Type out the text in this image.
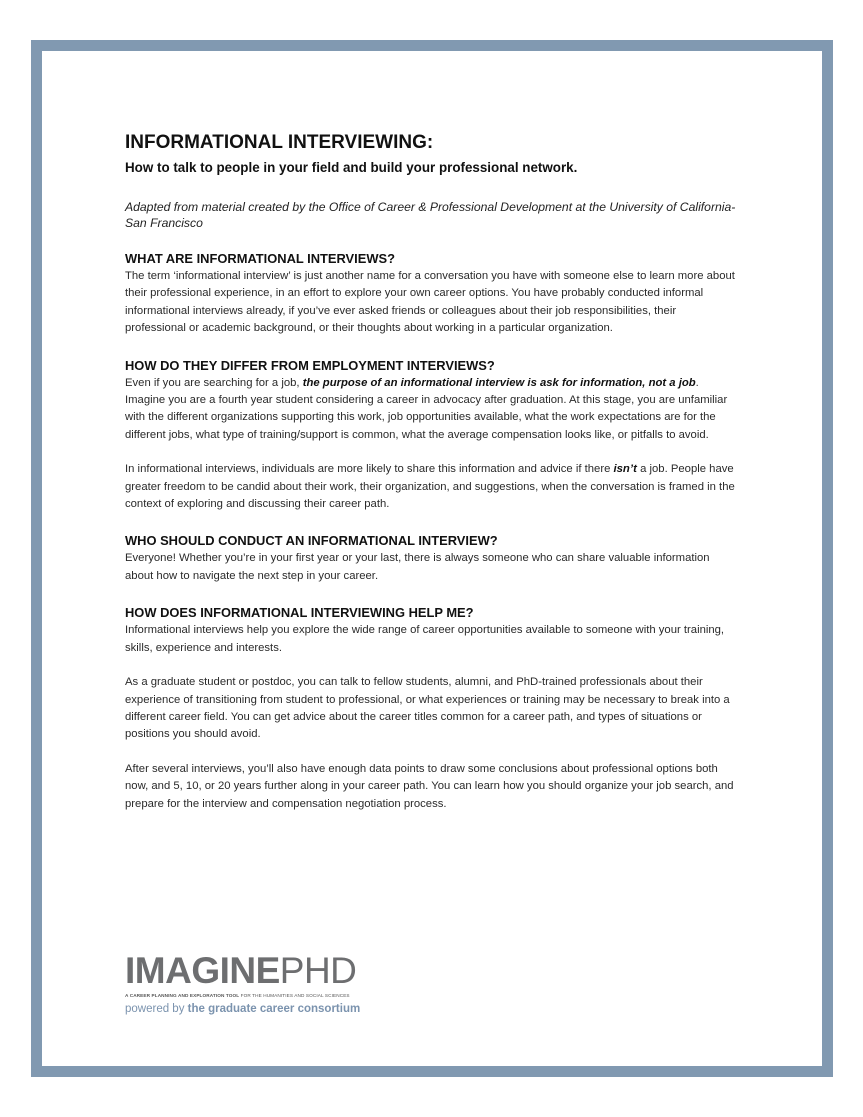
INFORMATIONAL INTERVIEWING:

How to talk to people in your field and build your professional network.

Adapted from material created by the Office of Career & Professional Development at the University of California-San Francisco

WHAT ARE INFORMATIONAL INTERVIEWS?

The term ‘informational interview’ is just another name for a conversation you have with someone else to learn more about their professional experience, in an effort to explore your own career options. You have probably conducted informal informational interviews already, if you’ve ever asked friends or colleagues about their job responsibilities, their professional or academic background, or their thoughts about working in a particular organization.

HOW DO THEY DIFFER FROM EMPLOYMENT INTERVIEWS?

Even if you are searching for a job, the purpose of an informational interview is ask for information, not a job. Imagine you are a fourth year student considering a career in advocacy after graduation. At this stage, you are unfamiliar with the different organizations supporting this work, job opportunities available, what the work expectations are for the different jobs, what type of training/support is common, what the average compensation looks like, or pitfalls to avoid.

In informational interviews, individuals are more likely to share this information and advice if there isn’t a job. People have greater freedom to be candid about their work, their organization, and suggestions, when the conversation is framed in the context of exploring and discussing their career path.

WHO SHOULD CONDUCT AN INFORMATIONAL INTERVIEW?

Everyone! Whether you’re in your first year or your last, there is always someone who can share valuable information about how to navigate the next step in your career.

HOW DOES INFORMATIONAL INTERVIEWING HELP ME?

Informational interviews help you explore the wide range of career opportunities available to someone with your training, skills, experience and interests.

As a graduate student or postdoc, you can talk to fellow students, alumni, and PhD-trained professionals about their experience of transitioning from student to professional, or what experiences or training may be necessary to break into a different career field. You can get advice about the career titles common for a career path, and types of situations or positions you should avoid.

After several interviews, you’ll also have enough data points to draw some conclusions about professional options both now, and 5, 10, or 20 years further along in your career path. You can learn how you should organize your job search, and prepare for the interview and compensation negotiation process.

IMAGINEPHD
A CAREER PLANNING AND EXPLORATION TOOL FOR THE HUMANITIES AND SOCIAL SCIENCES
powered by the graduate career consortium
